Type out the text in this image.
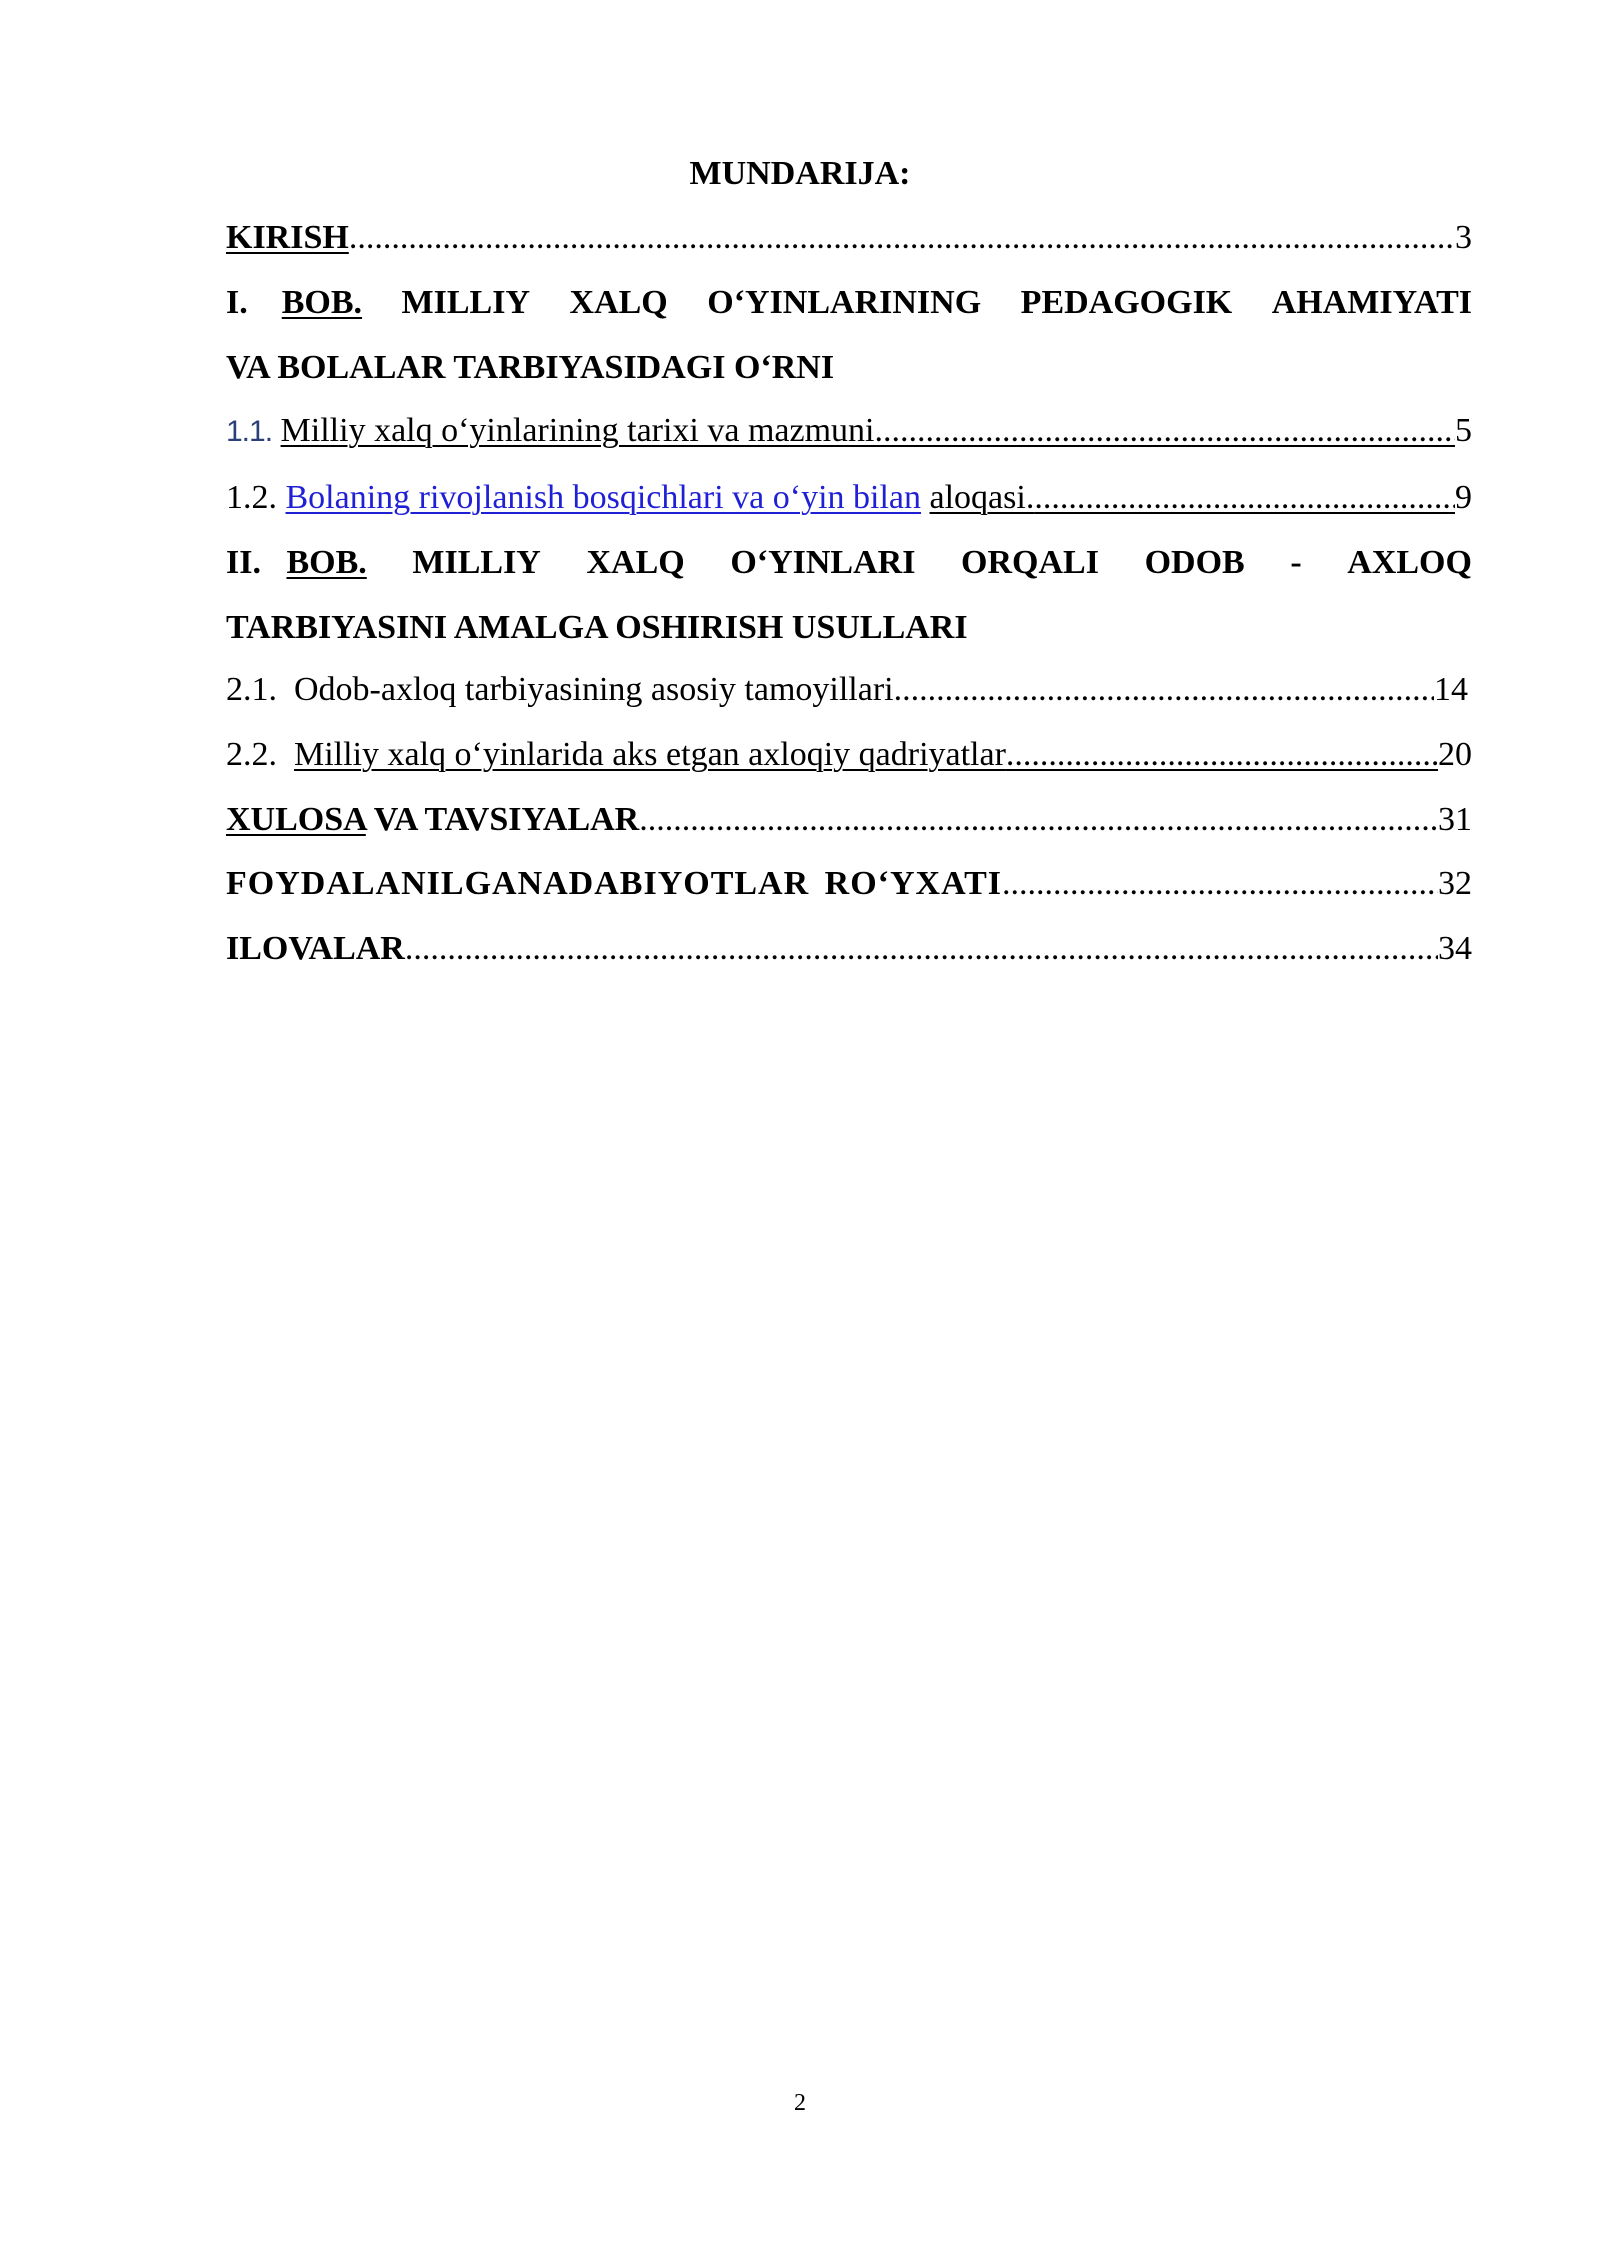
MUNDARIJA:
KIRISH .....	3
I. BOB. MILLIY XALQ O‘YINLARINING PEDAGOGIK AHAMIYATI
VA BOLALAR TARBIYASIDAGI O‘RNI
1.1. Milliy xalq o‘yinlarining tarixi va mazmuni .....	5
1.2. Bolaning rivojlanish bosqichlari va o‘yin bilan aloqasi. .....	9
II. BOB. MILLIY XALQ O‘YINLARI ORQALI ODOB - AXLOQ
TARBIYASINI AMALGA OSHIRISH USULLARI
2.1. Odob-axloq tarbiyasining asosiy tamoyillari .....	14
2.2. Milliy xalq o‘yinlarida aks etgan axloqiy qadriyatlar .....	20
XULOSA VA TAVSIYALAR .....	31
FOYDALANILGANADABIYOTLAR RO‘YXATI .....	32
ILOVALAR .....	34
2
